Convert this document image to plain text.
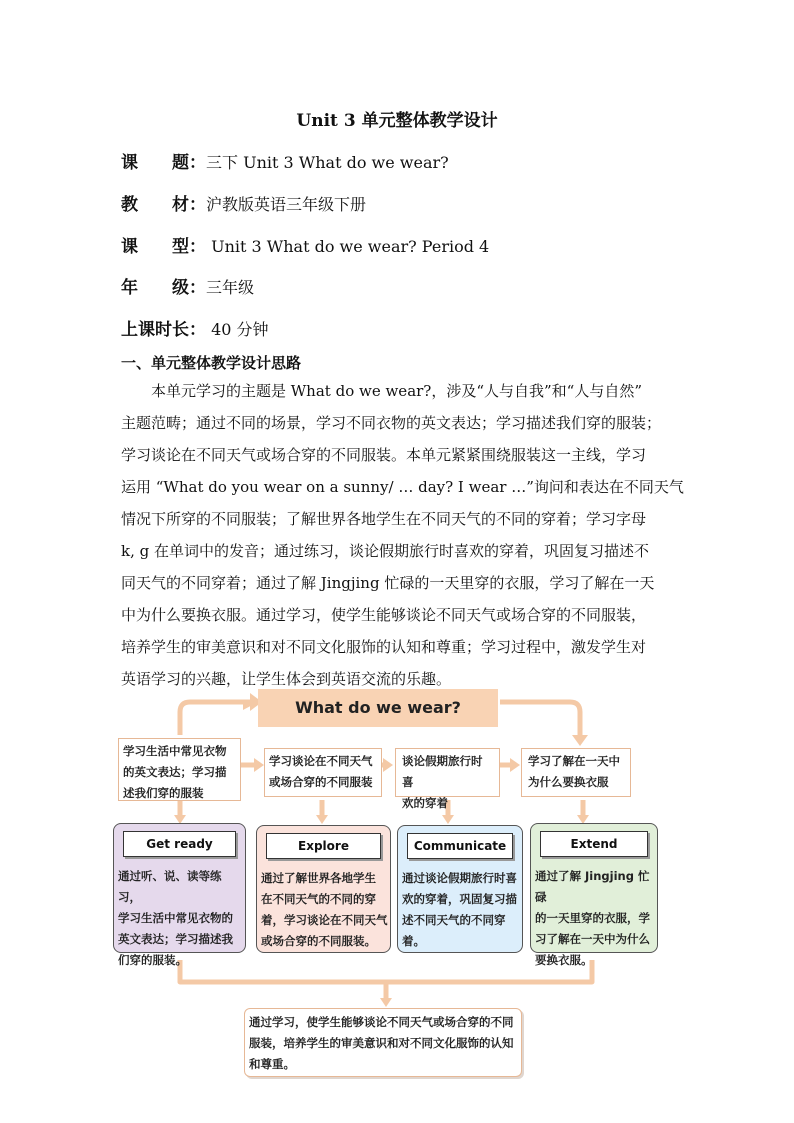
Unit 3 单元整体教学设计
课　　题：三下 Unit 3 What do we wear?
教　　材：沪教版英语三年级下册
课　　型： Unit 3 What do we wear? Period 4
年　　级：三年级
上课时长： 40 分钟
一、单元整体教学设计思路
　　本单元学习的主题是 What do we wear?，涉及“人与自我”和“人与自然”
主题范畴；通过不同的场景，学习不同衣物的英文表达；学习描述我们穿的服装；
学习谈论在不同天气或场合穿的不同服装。本单元紧紧围绕服装这一主线，学习
运用 “What do you wear on a sunny/ … day? I wear …”询问和表达在不同天气
情况下所穿的不同服装；了解世界各地学生在不同天气的不同的穿着；学习字母
k, g 在单词中的发音；通过练习，谈论假期旅行时喜欢的穿着，巩固复习描述不
同天气的不同穿着；通过了解 Jingjing 忙碌的一天里穿的衣服，学习了解在一天
中为什么要换衣服。通过学习，使学生能够谈论不同天气或场合穿的不同服装，
培养学生的审美意识和对不同文化服饰的认知和尊重；学习过程中，激发学生对
英语学习的兴趣，让学生体会到英语交流的乐趣。
What do we wear?
学习生活中常见衣物
的英文表达；学习描
述我们穿的服装
学习谈论在不同天气
或场合穿的不同服装
谈论假期旅行时喜
欢的穿着
学习了解在一天中
为什么要换衣服
Get ready
通过听、说、读等练习，
学习生活中常见衣物的
英文表达；学习描述我
们穿的服装。
Explore
通过了解世界各地学生
在不同天气的不同的穿
着，学习谈论在不同天气
或场合穿的不同服装。
Communicate
通过谈论假期旅行时喜
欢的穿着，巩固复习描
述不同天气的不同穿着。
Extend
通过了解 Jingjing 忙碌
的一天里穿的衣服，学
习了解在一天中为什么
要换衣服。
通过学习，使学生能够谈论不同天气或场合穿的不同
服装，培养学生的审美意识和对不同文化服饰的认知
和尊重。
